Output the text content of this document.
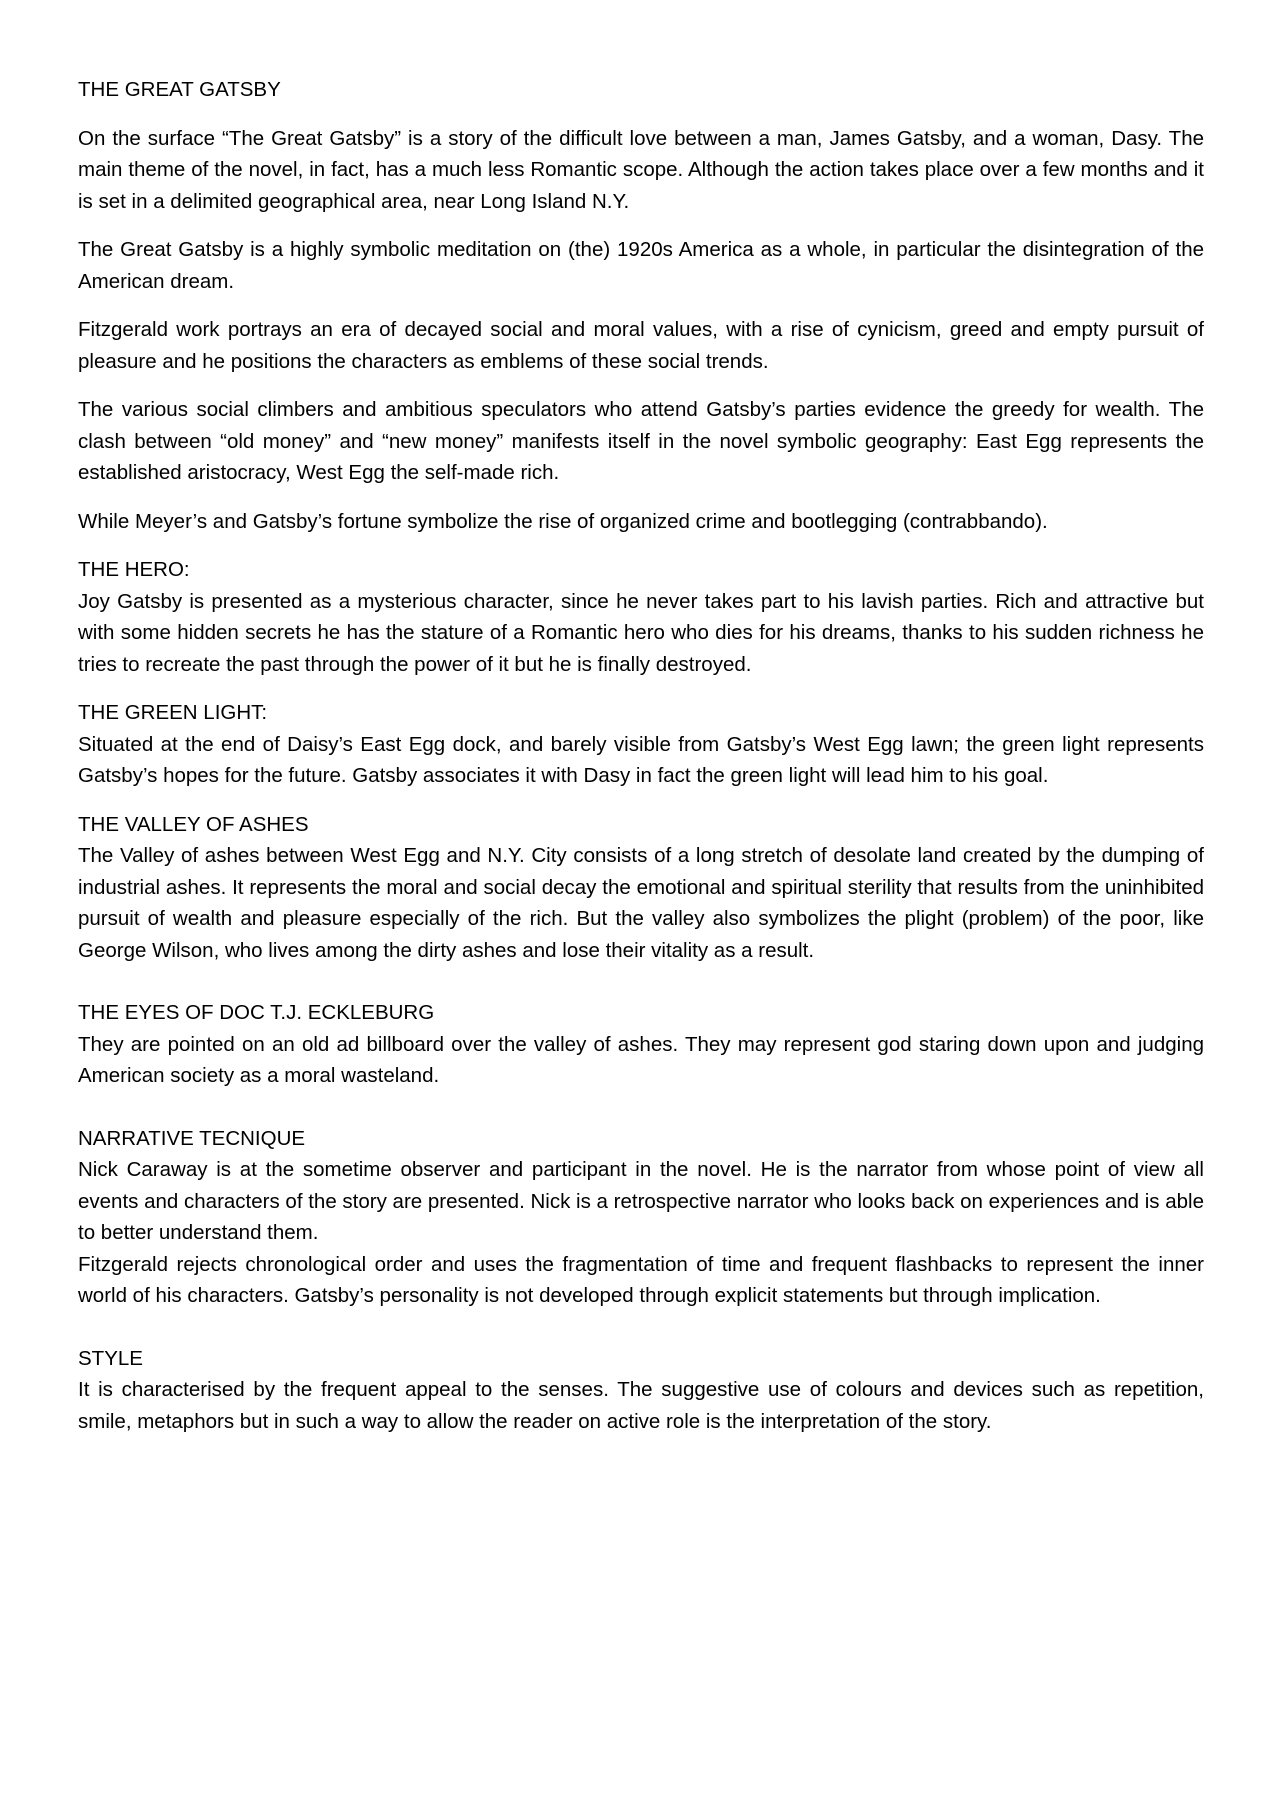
THE GREAT GATSBY

On the surface “The Great Gatsby” is a story of the difficult love between a man, James Gatsby, and a woman, Dasy. The main theme of the novel, in fact, has a much less Romantic scope. Although the action takes place over a few months and it is set in a delimited geographical area, near Long Island N.Y.

The Great Gatsby is a highly symbolic meditation on (the) 1920s America as a whole, in particular the disintegration of the American dream.

Fitzgerald work portrays an era of decayed social and moral values, with a rise of cynicism, greed and empty pursuit of pleasure and he positions the characters as emblems of these social trends.

The various social climbers and ambitious speculators who attend Gatsby’s parties evidence the greedy for wealth. The clash between “old money” and “new money” manifests itself in the novel symbolic geography: East Egg represents the established aristocracy, West Egg the self-made rich.

While Meyer’s and Gatsby’s fortune symbolize the rise of organized crime and bootlegging (contrabbando).

THE HERO:

Joy Gatsby is presented as a mysterious character, since he never takes part to his lavish parties. Rich and attractive but with some hidden secrets he has the stature of a Romantic hero who dies for his dreams, thanks to his sudden richness he tries to recreate the past through the power of it but he is finally destroyed.

THE GREEN LIGHT:

Situated at the end of Daisy’s East Egg dock, and barely visible from Gatsby’s West Egg lawn; the green light represents Gatsby’s hopes for the future. Gatsby associates it with Dasy in fact the green light will lead him to his goal.

THE VALLEY OF ASHES

The Valley of ashes between West Egg and N.Y. City consists of a long stretch of desolate land created by the dumping of industrial ashes. It represents the moral and social decay the emotional and spiritual sterility that results from the uninhibited pursuit of wealth and pleasure especially of the rich. But the valley also symbolizes the plight (problem) of the poor, like George Wilson, who lives among the dirty ashes and lose their vitality as a result.

THE EYES OF DOC T.J. ECKLEBURG

They are pointed on an old ad billboard over the valley of ashes. They may represent god staring down upon and judging American society as a moral wasteland.

NARRATIVE TECNIQUE

Nick Caraway is at the sometime observer and participant in the novel. He is the narrator from whose point of view all events and characters of the story are presented. Nick is a retrospective narrator who looks back on experiences and is able to better understand them.

Fitzgerald rejects chronological order and uses the fragmentation of time and frequent flashbacks to represent the inner world of his characters. Gatsby’s personality is not developed through explicit statements but through implication.

STYLE

It is characterised by the frequent appeal to the senses. The suggestive use of colours and devices such as repetition, smile, metaphors but in such a way to allow the reader on active role is the interpretation of the story.
